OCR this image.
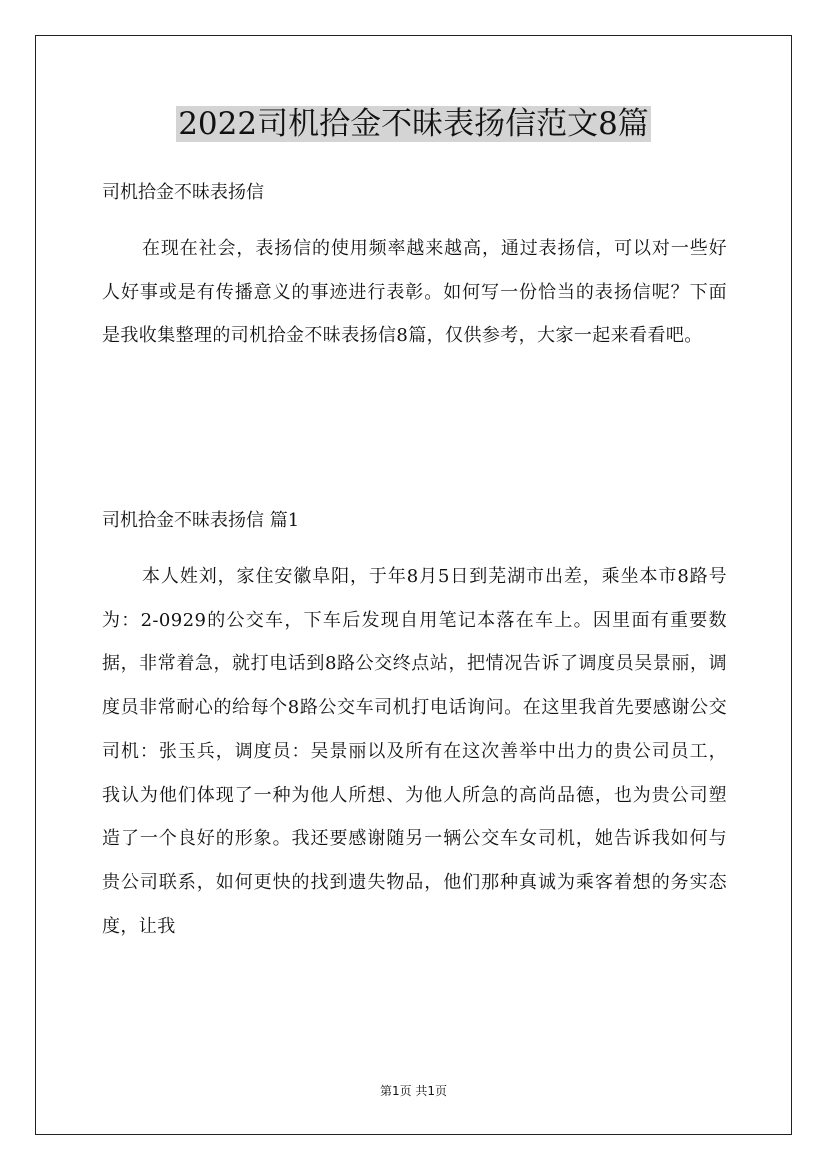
2022司机拾金不昧表扬信范文8篇
司机拾金不昧表扬信

在现在社会，表扬信的使用频率越来越高，通过表扬信，可以对一些好人好事或是有传播意义的事迹进行表彰。如何写一份恰当的表扬信呢？下面是我收集整理的司机拾金不昧表扬信8篇，仅供参考，大家一起来看看吧。

司机拾金不昧表扬信 篇1

本人姓刘，家住安徽阜阳，于年8月5日到芜湖市出差，乘坐本市8路号为：2-0929的公交车，下车后发现自用笔记本落在车上。因里面有重要数据，非常着急，就打电话到8路公交终点站，把情况告诉了调度员吴景丽，调度员非常耐心的给每个8路公交车司机打电话询问。在这里我首先要感谢公交司机：张玉兵，调度员：吴景丽以及所有在这次善举中出力的贵公司员工，我认为他们体现了一种为他人所想、为他人所急的高尚品德，也为贵公司塑造了一个良好的形象。我还要感谢随另一辆公交车女司机，她告诉我如何与贵公司联系，如何更快的找到遗失物品，他们那种真诚为乘客着想的务实态度，让我

第1页 共1页
